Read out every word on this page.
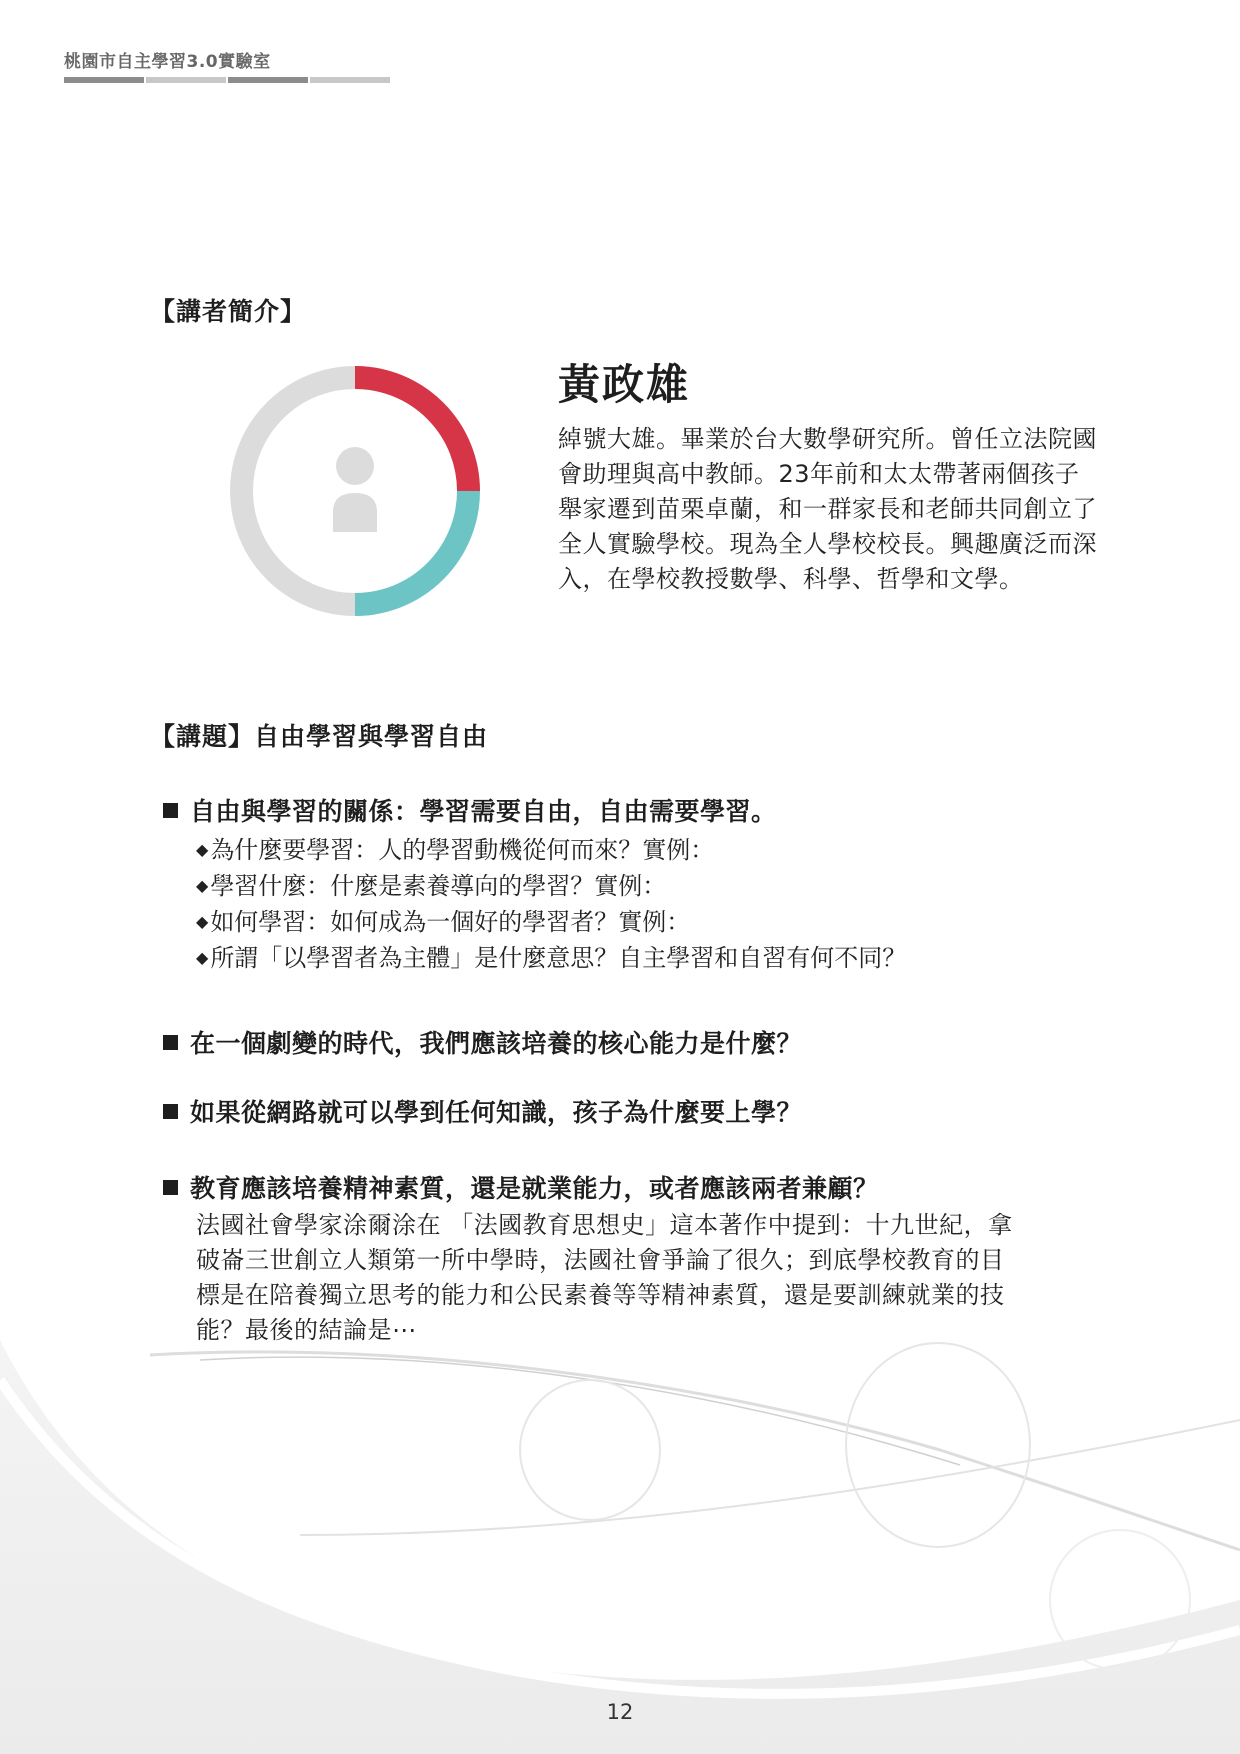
桃園市自主學習3.0實驗室
【講者簡介】
黃政雄
綽號大雄。畢業於台大數學研究所。曾任立法院國會助理與高中教師。23年前和太太帶著兩個孩子舉家遷到苗栗卓蘭，和一群家長和老師共同創立了全人實驗學校。現為全人學校校長。興趣廣泛而深入，在學校教授數學、科學、哲學和文學。
【講題】自由學習與學習自由
自由與學習的關係：學習需要自由，自由需要學習。
◆為什麼要學習：人的學習動機從何而來？實例：
◆學習什麼：什麼是素養導向的學習？實例：
◆如何學習：如何成為一個好的學習者？實例：
◆所謂「以學習者為主體」是什麼意思？自主學習和自習有何不同？
在一個劇變的時代，我們應該培養的核心能力是什麼？
如果從網路就可以學到任何知識，孩子為什麼要上學？
教育應該培養精神素質，還是就業能力，或者應該兩者兼顧？
法國社會學家涂爾涂在 「法國教育思想史」這本著作中提到：十九世紀，拿破崙三世創立人類第一所中學時，法國社會爭論了很久；到底學校教育的目標是在陪養獨立思考的能力和公民素養等等精神素質，還是要訓練就業的技能？最後的結論是⋯
12
